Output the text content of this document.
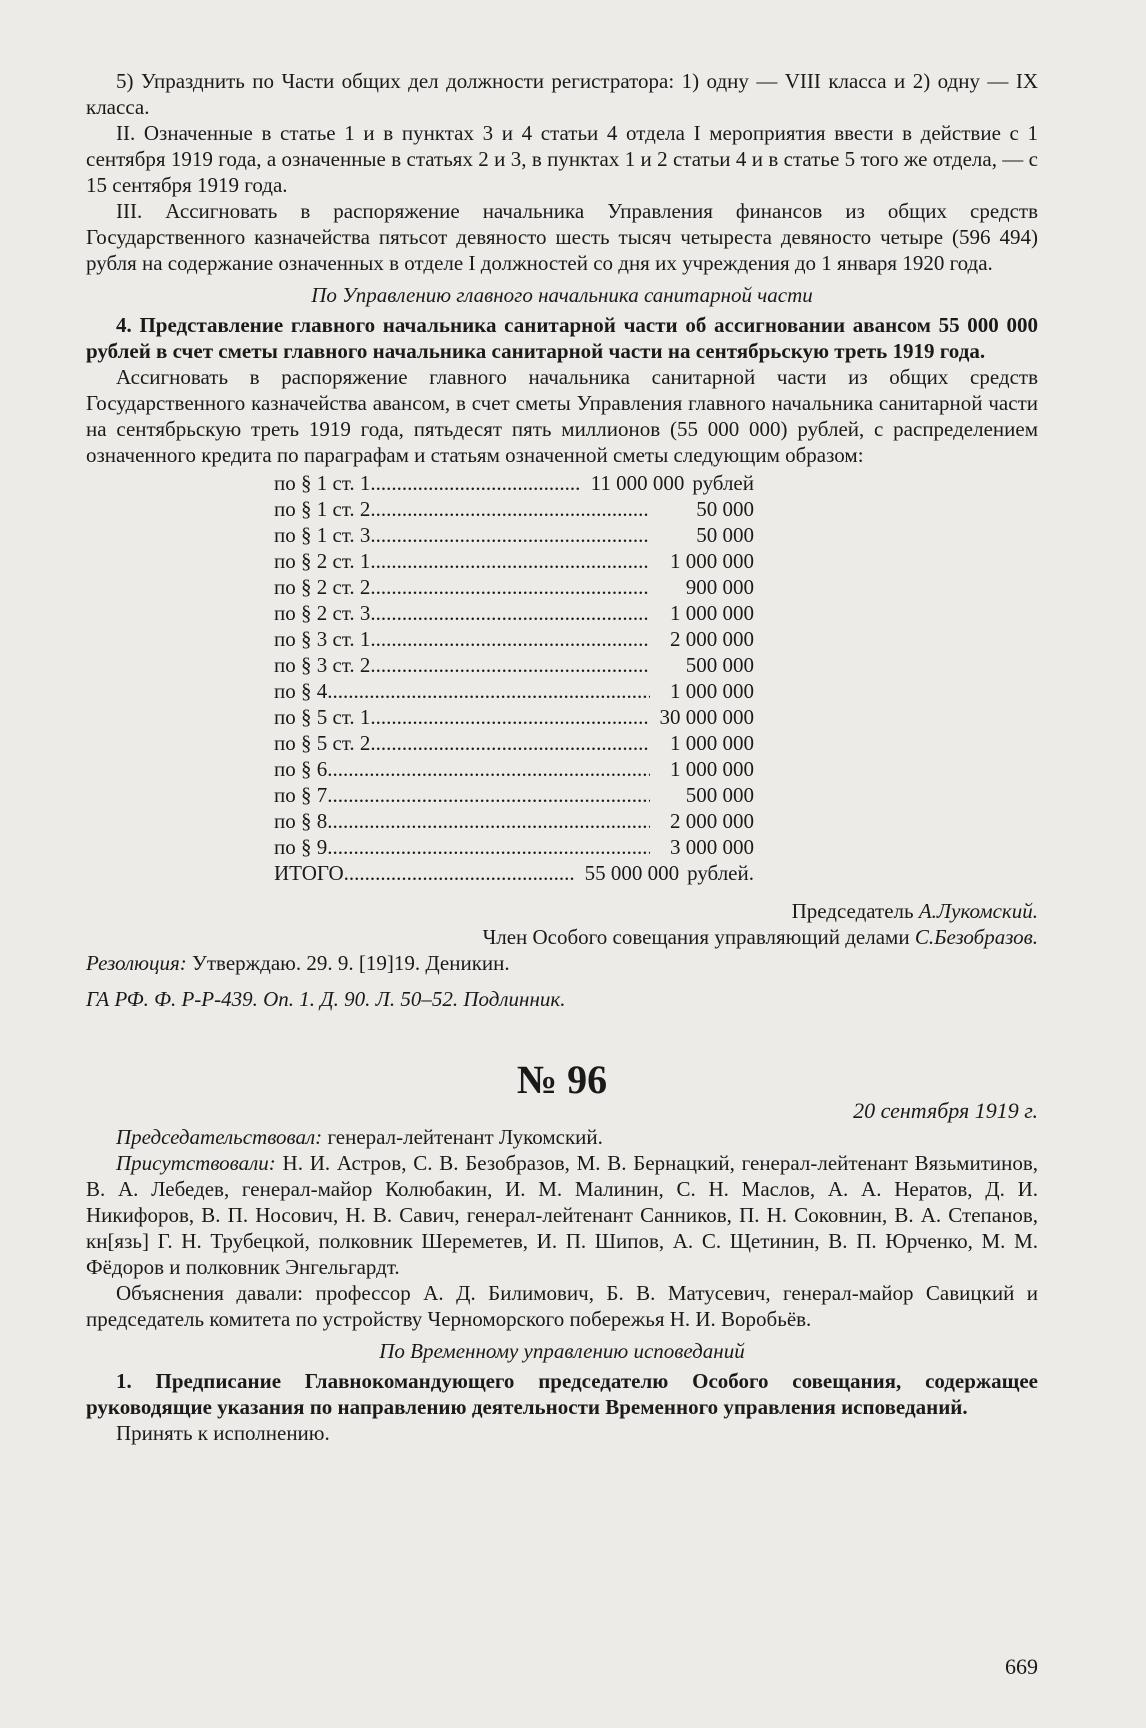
5) Упразднить по Части общих дел должности регистратора: 1) одну — VIII класса и 2) одну — IX класса.

II. Означенные в статье 1 и в пунктах 3 и 4 статьи 4 отдела I мероприятия ввести в действие с 1 сентября 1919 года, а означенные в статьях 2 и 3, в пунктах 1 и 2 статьи 4 и в статье 5 того же отдела, — с 15 сентября 1919 года.

III. Ассигновать в распоряжение начальника Управления финансов из общих средств Государственного казначейства пятьсот девяносто шесть тысяч четыреста девяносто четыре (596 494) рубля на содержание означенных в отделе I должностей со дня их учреждения до 1 января 1920 года.

По Управлению главного начальника санитарной части

4. Представление главного начальника санитарной части об ассигновании авансом 55 000 000 рублей в счет сметы главного начальника санитарной части на сентябрьскую треть 1919 года.

Ассигновать в распоряжение главного начальника санитарной части из общих средств Государственного казначейства авансом, в счет сметы Управления главного начальника санитарной части на сентябрьскую треть 1919 года, пятьдесят пять миллионов (55 000 000) рублей, с распределением означенного кредита по параграфам и статьям означенной сметы следующим образом:

по § 1 ст. 1 .....	11 000 000 рублей
по § 1 ст. 2 .....	50 000
по § 1 ст. 3 .....	50 000
по § 2 ст. 1 .....	1 000 000
по § 2 ст. 2 .....	900 000
по § 2 ст. 3 .....	1 000 000
по § 3 ст. 1 .....	2 000 000
по § 3 ст. 2 .....	500 000
по § 4 .....	1 000 000
по § 5 ст. 1 .....	30 000 000
по § 5 ст. 2 .....	1 000 000
по § 6 .....	1 000 000
по § 7 .....	500 000
по § 8 .....	2 000 000
по § 9 .....	3 000 000
ИТОГО .....	55 000 000 рублей.

Председатель А.Лукомский.

Член Особого совещания управляющий делами С.Безобразов.

Резолюция: Утверждаю. 29. 9. [19]19. Деникин.

ГА РФ. Ф. Р-Р-439. Оп. 1. Д. 90. Л. 50–52. Подлинник.

№ 96

20 сентября 1919 г.

Председательствовал: генерал-лейтенант Лукомский.

Присутствовали: Н. И. Астров, С. В. Безобразов, М. В. Бернацкий, генерал-лейтенант Вязьмитинов, В. А. Лебедев, генерал-майор Колюбакин, И. М. Малинин, С. Н. Маслов, А. А. Нератов, Д. И. Никифоров, В. П. Носович, Н. В. Савич, генерал-лейтенант Санников, П. Н. Соковнин, В. А. Степанов, кн[язь] Г. Н. Трубецкой, полковник Шереметев, И. П. Шипов, А. С. Щетинин, В. П. Юрченко, М. М. Фёдоров и полковник Энгельгардт.

Объяснения давали: профессор А. Д. Билимович, Б. В. Матусевич, генерал-майор Савицкий и председатель комитета по устройству Черноморского побережья Н. И. Воробьёв.

По Временному управлению исповеданий

1. Предписание Главнокомандующего председателю Особого совещания, содержащее руководящие указания по направлению деятельности Временного управления исповеданий.

Принять к исполнению.

669
